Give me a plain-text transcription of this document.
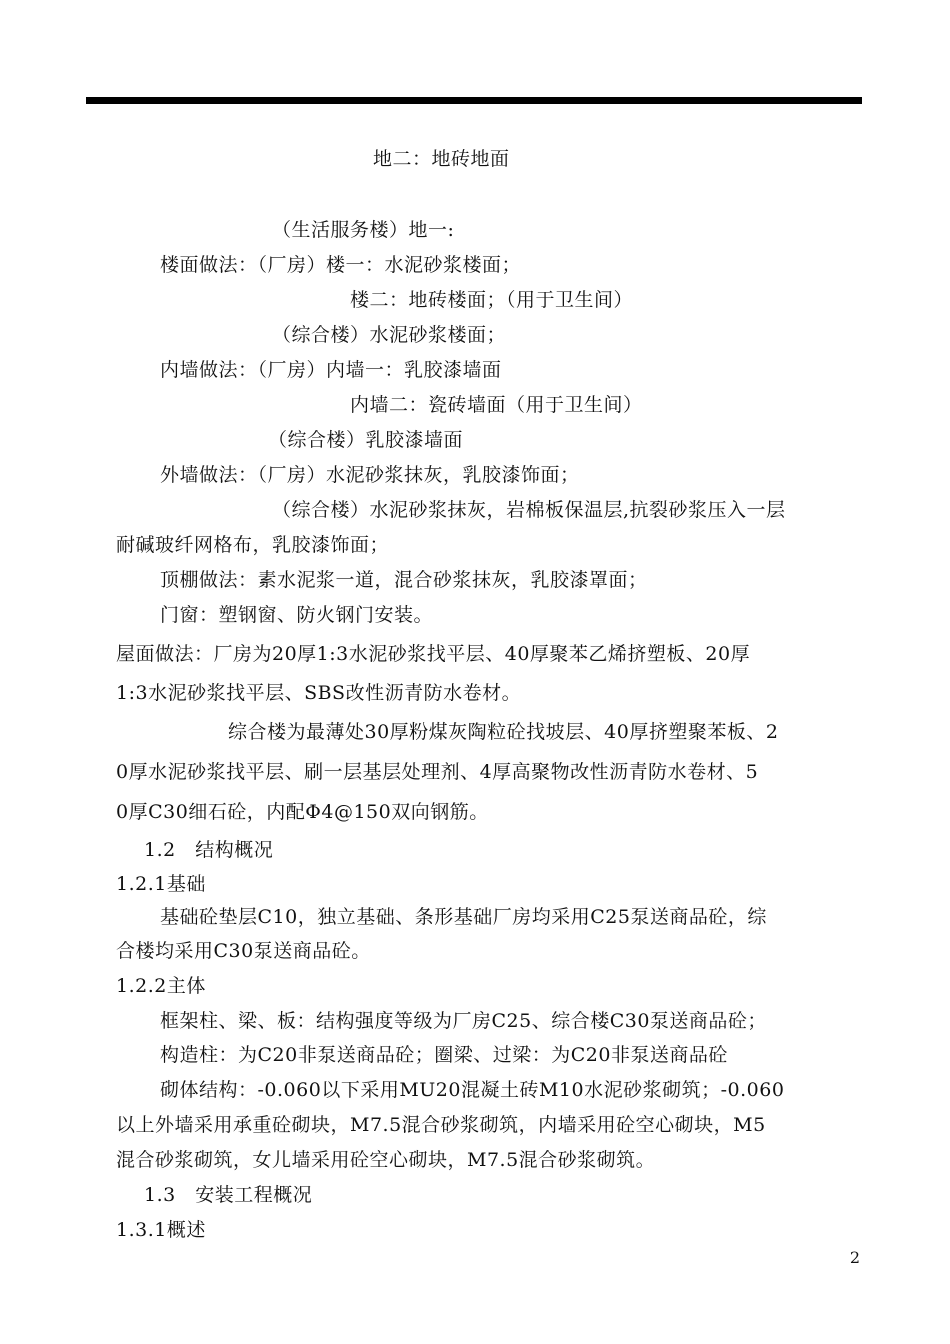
地二：地砖地面
（生活服务楼）地一:
楼面做法：（厂房）楼一：水泥砂浆楼面；
楼二：地砖楼面；（用于卫生间）
（综合楼）水泥砂浆楼面；
内墙做法：（厂房）内墙一：乳胶漆墙面
内墙二：瓷砖墙面（用于卫生间）
（综合楼）乳胶漆墙面
外墙做法：（厂房）水泥砂浆抹灰，乳胶漆饰面；
（综合楼）水泥砂浆抹灰，岩棉板保温层,抗裂砂浆压入一层
耐碱玻纤网格布，乳胶漆饰面；
顶棚做法：素水泥浆一道，混合砂浆抹灰，乳胶漆罩面；
门窗：塑钢窗、防火钢门安装。
屋面做法：厂房为20厚1:3水泥砂浆找平层、40厚聚苯乙烯挤塑板、20厚
1:3水泥砂浆找平层、SBS改性沥青防水卷材。
综合楼为最薄处30厚粉煤灰陶粒砼找坡层、40厚挤塑聚苯板、2
0厚水泥砂浆找平层、刷一层基层处理剂、4厚高聚物改性沥青防水卷材、5
0厚C30细石砼，内配Φ4@150双向钢筋。
1.2　结构概况
1.2.1基础
基础砼垫层C10，独立基础、条形基础厂房均采用C25泵送商品砼，综
合楼均采用C30泵送商品砼。
1.2.2主体
框架柱、梁、板：结构强度等级为厂房C25、综合楼C30泵送商品砼；
构造柱：为C20非泵送商品砼；圈梁、过梁：为C20非泵送商品砼
砌体结构：-0.060以下采用MU20混凝土砖M10水泥砂浆砌筑；-0.060
以上外墙采用承重砼砌块，M7.5混合砂浆砌筑，内墙采用砼空心砌块，M5
混合砂浆砌筑，女儿墙采用砼空心砌块，M7.5混合砂浆砌筑。
1.3　安装工程概况
1.3.1概述
2
